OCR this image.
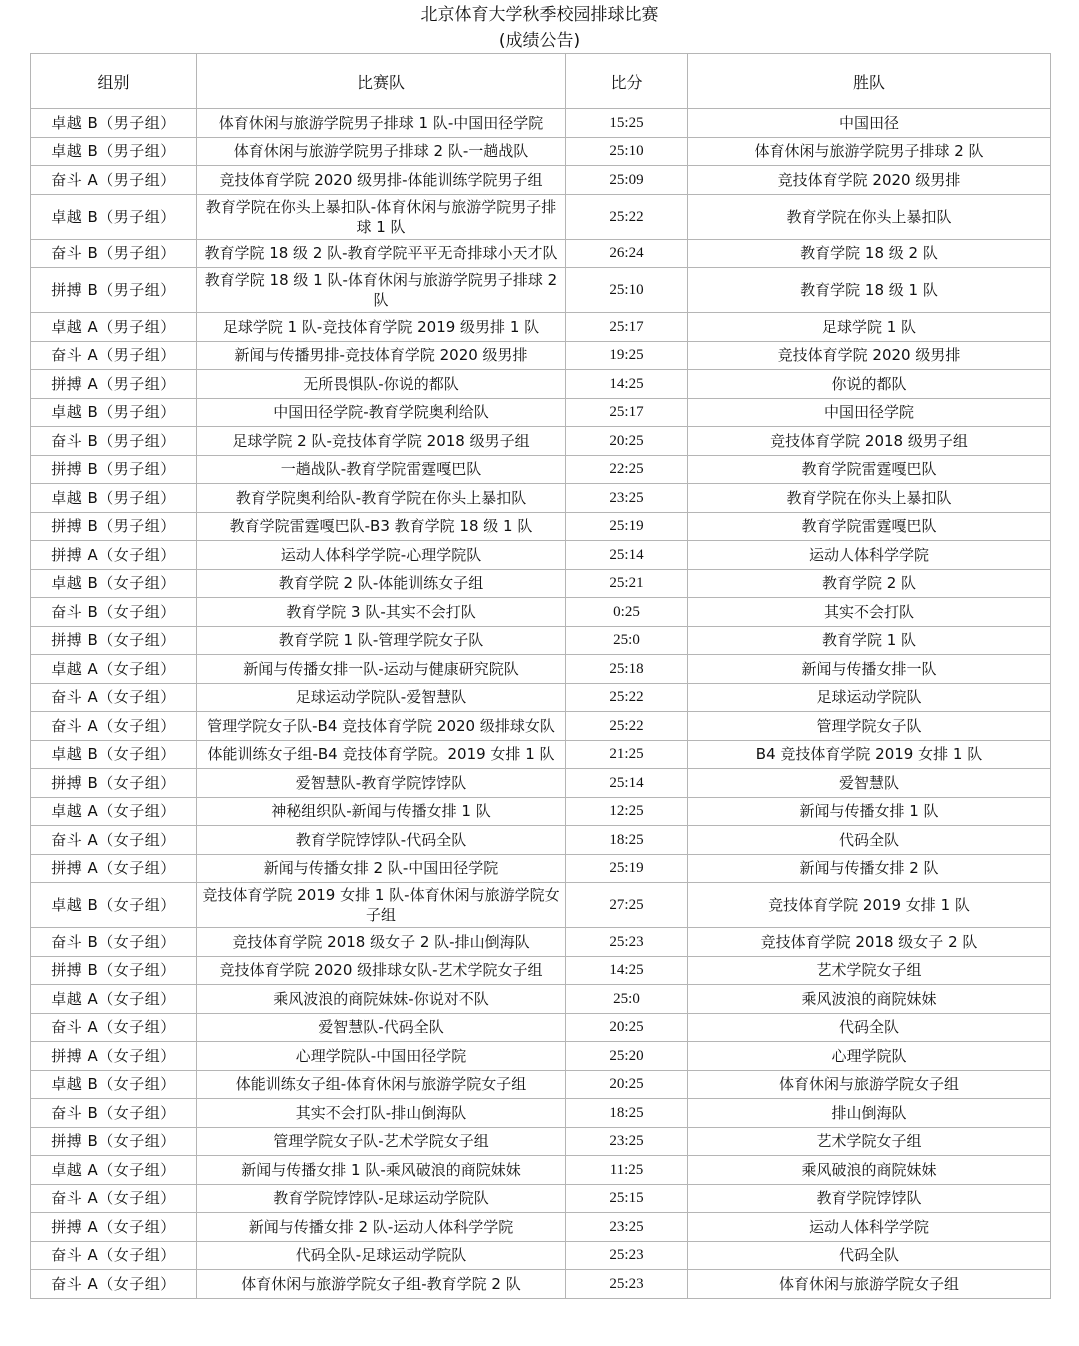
北京体育大学秋季校园排球比赛
(成绩公告)
组别	比赛队	比分	胜队
卓越 B（男子组）	体育休闲与旅游学院男子排球 1 队-中国田径学院	15:25	中国田径
卓越 B（男子组）	体育休闲与旅游学院男子排球 2 队-一趟战队	25:10	体育休闲与旅游学院男子排球 2 队
奋斗 A（男子组）	竞技体育学院 2020 级男排-体能训练学院男子组	25:09	竞技体育学院 2020 级男排
卓越 B（男子组）	教育学院在你头上暴扣队-体育休闲与旅游学院男子排球 1 队	25:22	教育学院在你头上暴扣队
奋斗 B（男子组）	教育学院 18 级 2 队-教育学院平平无奇排球小天才队	26:24	教育学院 18 级 2 队
拼搏 B（男子组）	教育学院 18 级 1 队-体育休闲与旅游学院男子排球 2 队	25:10	教育学院 18 级 1 队
卓越 A（男子组）	足球学院 1 队-竞技体育学院 2019 级男排 1 队	25:17	足球学院 1 队
奋斗 A（男子组）	新闻与传播男排-竞技体育学院 2020 级男排	19:25	竞技体育学院 2020 级男排
拼搏 A（男子组）	无所畏惧队-你说的都队	14:25	你说的都队
卓越 B（男子组）	中国田径学院-教育学院奥利给队	25:17	中国田径学院
奋斗 B（男子组）	足球学院 2 队-竞技体育学院 2018 级男子组	20:25	竞技体育学院 2018 级男子组
拼搏 B（男子组）	一趟战队-教育学院雷霆嘎巴队	22:25	教育学院雷霆嘎巴队
卓越 B（男子组）	教育学院奥利给队-教育学院在你头上暴扣队	23:25	教育学院在你头上暴扣队
拼搏 B（男子组）	教育学院雷霆嘎巴队-B3 教育学院 18 级 1 队	25:19	教育学院雷霆嘎巴队
拼搏 A（女子组）	运动人体科学学院-心理学院队	25:14	运动人体科学学院
卓越 B（女子组）	教育学院 2 队-体能训练女子组	25:21	教育学院 2 队
奋斗 B（女子组）	教育学院 3 队-其实不会打队	0:25	其实不会打队
拼搏 B（女子组）	教育学院 1 队-管理学院女子队	25:0	教育学院 1 队
卓越 A（女子组）	新闻与传播女排一队-运动与健康研究院队	25:18	新闻与传播女排一队
奋斗 A（女子组）	足球运动学院队-爱智慧队	25:22	足球运动学院队
奋斗 A（女子组）	管理学院女子队-B4 竞技体育学院 2020 级排球女队	25:22	管理学院女子队
卓越 B（女子组）	体能训练女子组-B4 竞技体育学院。2019 女排 1 队	21:25	B4 竞技体育学院 2019 女排 1 队
拼搏 B（女子组）	爱智慧队-教育学院饽饽队	25:14	爱智慧队
卓越 A（女子组）	神秘组织队-新闻与传播女排 1 队	12:25	新闻与传播女排 1 队
奋斗 A（女子组）	教育学院饽饽队-代码全队	18:25	代码全队
拼搏 A（女子组）	新闻与传播女排 2 队-中国田径学院	25:19	新闻与传播女排 2 队
卓越 B（女子组）	竞技体育学院 2019 女排 1 队-体育休闲与旅游学院女子组	27:25	竞技体育学院 2019 女排 1 队
奋斗 B（女子组）	竞技体育学院 2018 级女子 2 队-排山倒海队	25:23	竞技体育学院 2018 级女子 2 队
拼搏 B（女子组）	竞技体育学院 2020 级排球女队-艺术学院女子组	14:25	艺术学院女子组
卓越 A（女子组）	乘风波浪的商院妹妹-你说对不队	25:0	乘风波浪的商院妹妹
奋斗 A（女子组）	爱智慧队-代码全队	20:25	代码全队
拼搏 A（女子组）	心理学院队-中国田径学院	25:20	心理学院队
卓越 B（女子组）	体能训练女子组-体育休闲与旅游学院女子组	20:25	体育休闲与旅游学院女子组
奋斗 B（女子组）	其实不会打队-排山倒海队	18:25	排山倒海队
拼搏 B（女子组）	管理学院女子队-艺术学院女子组	23:25	艺术学院女子组
卓越 A（女子组）	新闻与传播女排 1 队-乘风破浪的商院妹妹	11:25	乘风破浪的商院妹妹
奋斗 A（女子组）	教育学院饽饽队-足球运动学院队	25:15	教育学院饽饽队
拼搏 A（女子组）	新闻与传播女排 2 队-运动人体科学学院	23:25	运动人体科学学院
奋斗 A（女子组）	代码全队-足球运动学院队	25:23	代码全队
奋斗 A（女子组）	体育休闲与旅游学院女子组-教育学院 2 队	25:23	体育休闲与旅游学院女子组
